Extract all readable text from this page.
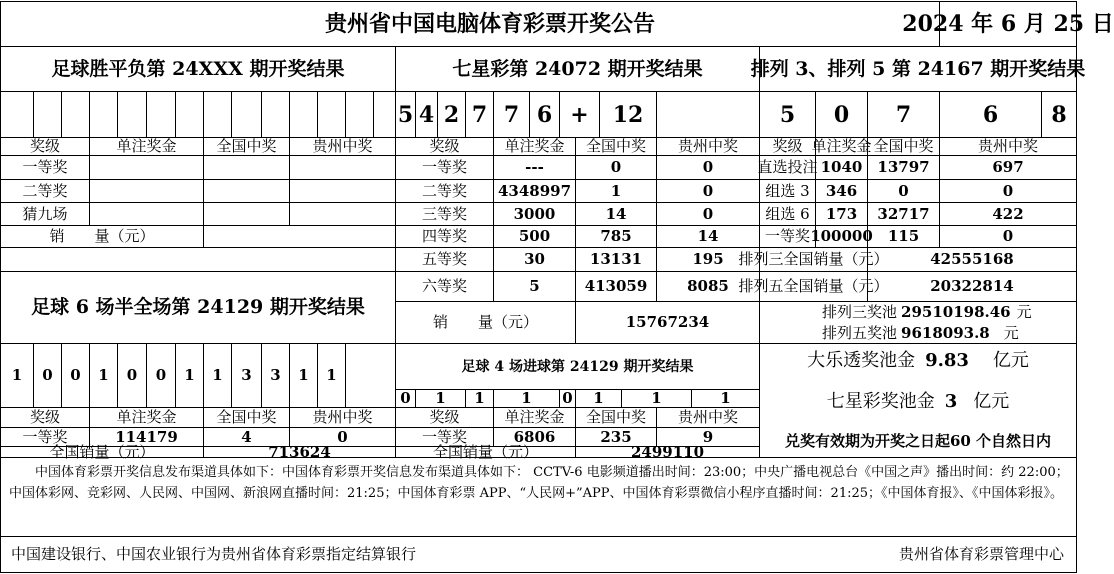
贵州省中国电脑体育彩票开奖公告	2024 年 6 月 25 日
足球胜平负第 24XXX 期开奖结果	七星彩第 24072 期开奖结果	排列 3、排列 5 第 24167 期开奖结果
5 4 2 7 7 6 +	12	5	0	7	6	8
奖级	单注奖金	全国中奖	贵州中奖	奖级	单注奖金	全国中奖	贵州中奖	奖级 单注奖金 全国中奖	贵州中奖
一等奖
二等奖
猜九场
销　　量（元）
一等奖	---	0	0
二等奖	4348997	1	0
三等奖	3000	14	0
四等奖	500	785	14
五等奖	30	13131	195
六等奖	5	413059	8085
销　　量（元）	15767234
直选投注 1040	13797	697
组选 3	346	0	0
组选 6	173	32717	422
一等奖 100000	115	0
排列三全国销量（元）	42555168
排列五全国销量（元）	20322814
排列三奖池 29510198.46 元
排列五奖池 9618093.8 元
足球 6 场半全场第 24129 期开奖结果
1	0	0	1	0	0	1	1	3	3	1	1	足球 4 场进球第 24129 期开奖结果
0	1	1	1	0	1	1	1
奖级	单注奖金	全国中奖	贵州中奖
一等奖	114179	4	0
全国销量（元）	713624
奖级	单注奖金	全国中奖	贵州中奖
一等奖	6806	235	9
全国销量（元）	2499110
大乐透奖池金 9.83 亿元
七星彩奖池金 3 亿元
兑奖有效期为开奖之日起60 个自然日内
中国体育彩票开奖信息发布渠道具体如下：中国体育彩票开奖信息发布渠道具体如下： CCTV-6 电影频道播出时间：23:00；中央广播电视总台《中国之声》播出时间：约 22:00；中国体彩网、竞彩网、人民网、中国网、新浪网直播时间：21:25；中国体育彩票 APP、“人民网+”APP、中国体育彩票微信小程序直播时间：21:25；《中国体育报》、《中国体彩报》。
中国建设银行、中国农业银行为贵州省体育彩票指定结算银行	贵州省体育彩票管理中心
